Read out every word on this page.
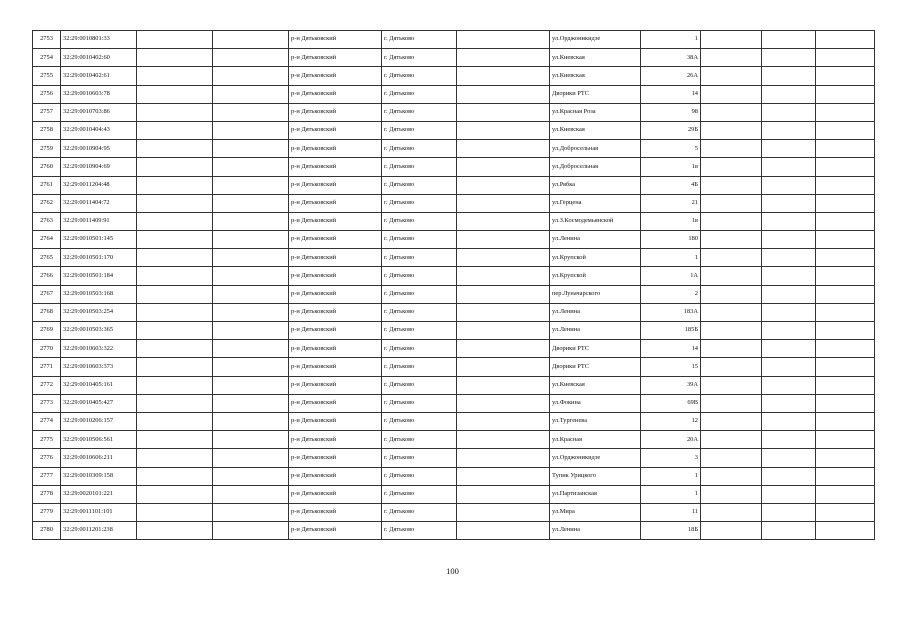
2753	32:29:0010801:33			р-н Дятьковский	г. Дятьково		ул.Орджоникидзе	1			
2754	32:29:0010402:60			р-н Дятьковский	г. Дятьково		ул.Киевская	38А			
2755	32:29:0010402:61			р-н Дятьковский	г. Дятьково		ул.Киевская	26А			
2756	32:29:0010603:78			р-н Дятьковский	г. Дятьково		Дворики РТС	14			
2757	32:29:0010703:86			р-н Дятьковский	г. Дятьково		ул.Красная Роза	98			
2758	32:29:0010404:43			р-н Дятьковский	г. Дятьково		ул.Киевская	29Б			
2759	32:29:0010904:95			р-н Дятьковский	г. Дятьково		ул.Добросельная	5			
2760	32:29:0010904:69			р-н Дятьковский	г. Дятьково		ул.Добросельная	1в			
2761	32:29:0011204:48			р-н Дятьковский	г. Дятьково		ул.Рябка	4Б			
2762	32:29:0011404:72			р-н Дятьковский	г. Дятьково		ул.Герцена	21			
2763	32:29:0011409:91			р-н Дятьковский	г. Дятьково		ул.З.Космодемьянской	1в			
2764	32:29:0010501:145			р-н Дятьковский	г. Дятьково		ул.Ленина	180			
2765	32:29:0010501:170			р-н Дятьковский	г. Дятьково		ул.Крупской	1			
2766	32:29:0010501:184			р-н Дятьковский	г. Дятьково		ул.Крупской	1А			
2767	32:29:0010503:168			р-н Дятьковский	г. Дятьково		пер.Луначарского	2			
2768	32:29:0010503:254			р-н Дятьковский	г. Дятьково		ул.Ленина	183А			
2769	32:29:0010503:365			р-н Дятьковский	г. Дятьково		ул.Ленина	185Б			
2770	32:29:0010603:322			р-н Дятьковский	г. Дятьково		Дворики РТС	14			
2771	32:29:0010603:373			р-н Дятьковский	г. Дятьково		Дворики РТС	15			
2772	32:29:0010405:161			р-н Дятьковский	г. Дятьково		ул.Киевская	39А			
2773	32:29:0010405:427			р-н Дятьковский	г. Дятьково		ул.Фокина	69В			
2774	32:29:0010206:157			р-н Дятьковский	г. Дятьково		ул.Тургенева	12			
2775	32:29:0010506:561			р-н Дятьковский	г. Дятьково		ул.Красная	20А			
2776	32:29:0010606:211			р-н Дятьковский	г. Дятьково		ул.Орджоникидзе	3			
2777	32:29:0010309:158			р-н Дятьковский	г. Дятьково		Тупик Урицкого	1			
2778	32:29:0020101:221			р-н Дятьковский	г. Дятьково		ул.Партизанская	1			
2779	32:29:0011101:101			р-н Дятьковский	г. Дятьково		ул.Мира	11			
2780	32:29:0011201:238			р-н Дятьковский	г. Дятьково		ул.Ленина	18Б			
100
